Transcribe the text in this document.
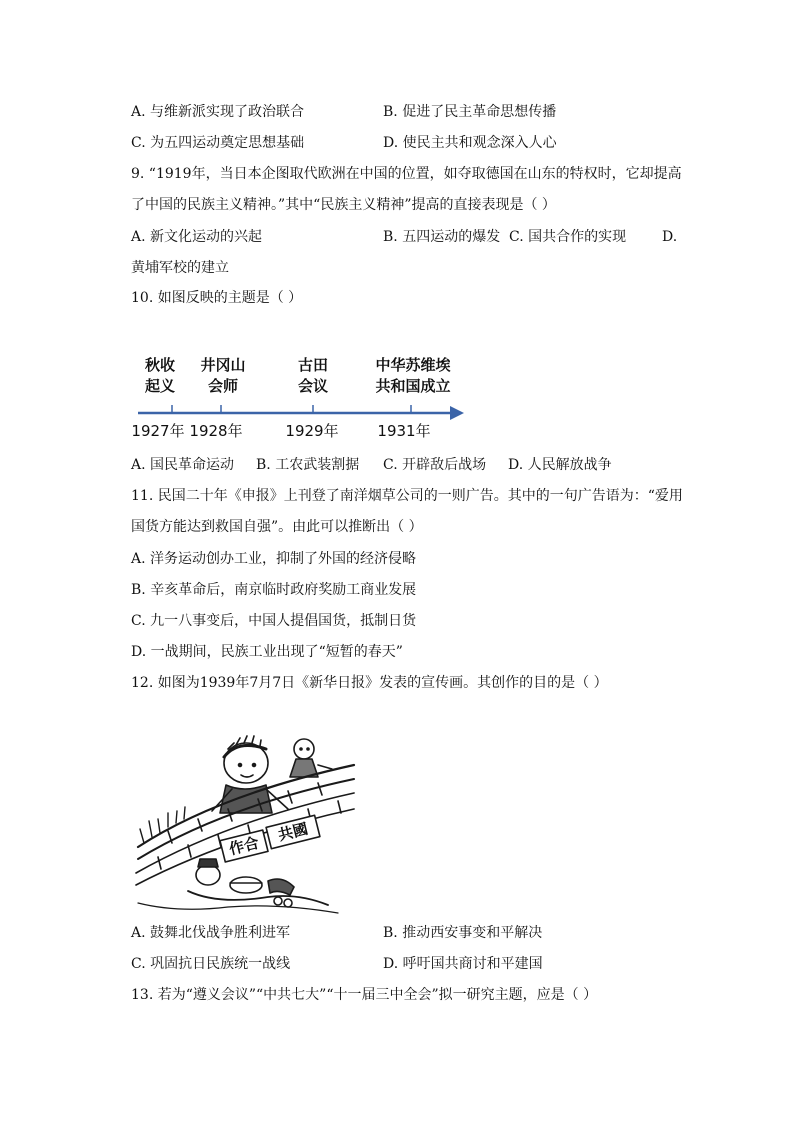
A. 与维新派实现了政治联合	B. 促进了民主革命思想传播
C. 为五四运动奠定思想基础	D. 使民主共和观念深入人心
9. “1919年，当日本企图取代欧洲在中国的位置，如夺取德国在山东的特权时，它却提高
了中国的民族主义精神。”其中“民族主义精神”提高的直接表现是（ ）
A. 新文化运动的兴起	B. 五四运动的爆发 C. 国共合作的实现	D.
黄埔军校的建立
10. 如图反映的主题是（ ）
秋收
起义
井冈山
会师
古田
会议
中华苏维埃
共和国成立
1927年 1928年	1929年	1931年
A. 国民革命运动 B. 工农武装割据 C. 开辟敌后战场 D. 人民解放战争
11. 民国二十年《申报》上刊登了南洋烟草公司的一则广告。其中的一句广告语为：“爱用
国货方能达到救国自强”。由此可以推断出（ ）
A. 洋务运动创办工业，抑制了外国的经济侵略
B. 辛亥革命后，南京临时政府奖励工商业发展
C. 九一八事变后，中国人提倡国货，抵制日货
D. 一战期间，民族工业出现了“短暂的春天”
12. 如图为1939年7月7日《新华日报》发表的宣传画。其创作的目的是（ ）
作合
共國
A. 鼓舞北伐战争胜利进军	B. 推动西安事变和平解决
C. 巩固抗日民族统一战线	D. 呼吁国共商讨和平建国
13. 若为“遵义会议”“中共七大”“十一届三中全会”拟一研究主题，应是（ ）
